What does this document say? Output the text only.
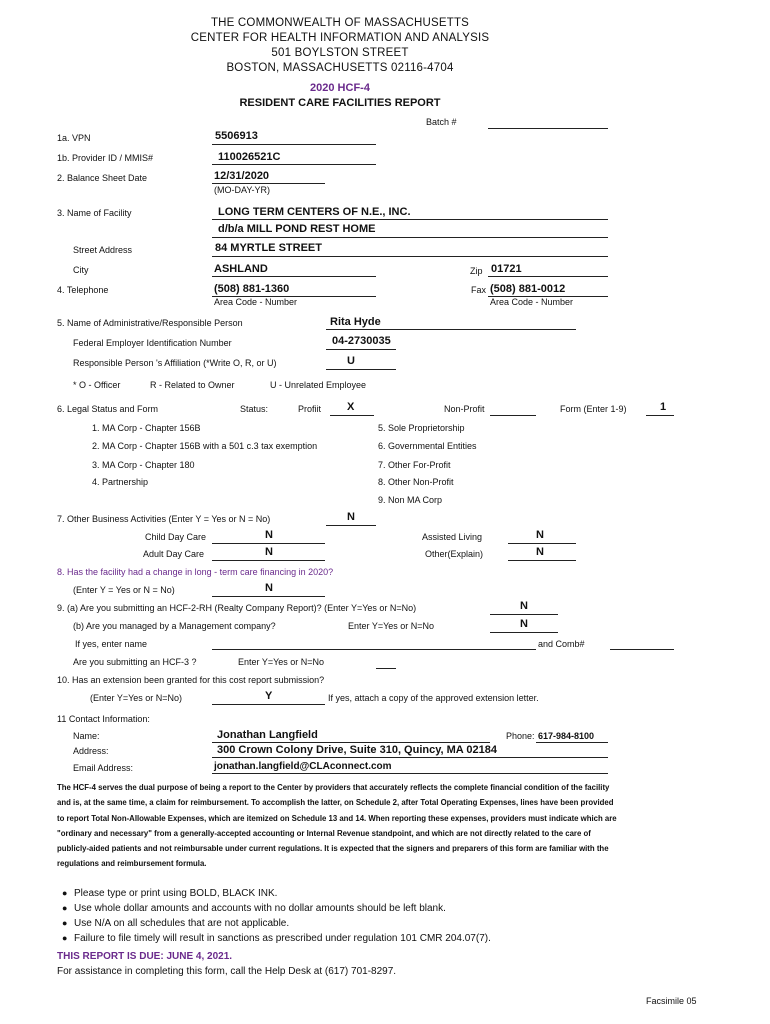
THE COMMONWEALTH OF MASSACHUSETTS
CENTER FOR HEALTH INFORMATION AND ANALYSIS
501 BOYLSTON STREET
BOSTON, MASSACHUSETTS 02116-4704
2020 HCF-4
RESIDENT CARE FACILITIES REPORT
Batch #
1a. VPN	5506913
1b. Provider ID / MMIS#	110026521C
2. Balance Sheet Date	12/31/2020
(MO-DAY-YR)
3. Name of Facility	LONG TERM CENTERS OF N.E., INC.
d/b/a MILL POND REST HOME
Street Address	84 MYRTLE STREET
City	ASHLAND	Zip 01721
4. Telephone	(508) 881-1360
Area Code - Number
Fax (508) 881-0012
Area Code - Number
5. Name of Administrative/Responsible Person	Rita Hyde
Federal Employer Identification Number	04-2730035
Responsible Person 's Affiliation (*Write O, R, or U)	U
* O - Officer	R - Related to Owner	U - Unrelated Employee
6. Legal Status and Form	Status:	Profiit X	Non-Profit	Form (Enter 1-9)	1
1. MA Corp - Chapter 156B
2. MA Corp - Chapter 156B with a 501 c.3 tax exemption
3. MA Corp - Chapter 180
4. Partnership
5. Sole Proprietorship
6. Governmental Entities
7. Other For-Profit
8. Other Non-Profit
9. Non MA Corp
7. Other Business Activities (Enter Y = Yes or N = No)	N
Child Day Care	N
Adult Day Care	N
Assisted Living	N
Other(Explain)	N
8. Has the facility had a change in long - term care financing in 2020?
(Enter Y = Yes or N = No)	N
9. (a) Are you submitting an HCF-2-RH (Realty Company Report)? (Enter Y=Yes or N=No)	N
(b) Are you managed by a Management company?	Enter Y=Yes or N=No	N
If yes, enter name	and Comb#
Are you submitting an HCF-3 ?	Enter Y=Yes or N=No
10. Has an extension been granted for this cost report submission?
(Enter Y=Yes or N=No)	Y	If yes, attach a copy of the approved extension letter.
11 Contact Information:
Name:	Jonathan Langfield	Phone: 617-984-8100
Address:	300 Crown Colony Drive, Suite 310, Quincy, MA 02184
Email Address:	jonathan.langfield@CLAconnect.com
The HCF-4 serves the dual purpose of being a report to the Center by providers that accurately reflects the complete financial condition of the facility and is, at the same time, a claim for reimbursement. To accomplish the latter, on Schedule 2, after Total Operating Expenses, lines have been provided to report Total Non-Allowable Expenses, which are itemized on Schedule 13 and 14. When reporting these expenses, providers must indicate which are "ordinary and necessary" from a generally-accepted accounting or Internal Revenue standpoint, and which are not directly related to the care of publicly-aided patients and not reimbursable under current regulations. It is expected that the signers and preparers of this form are familiar with the regulations and reimbursement formula.
● Please type or print using BOLD, BLACK INK.
● Use whole dollar amounts and accounts with no dollar amounts should be left blank.
● Use N/A on all schedules that are not applicable.
● Failure to file timely will result in sanctions as prescribed under regulation 101 CMR 204.07(7).
THIS REPORT IS DUE: JUNE 4, 2021.
For assistance in completing this form, call the Help Desk at (617) 701-8297.
Facsimile 05
